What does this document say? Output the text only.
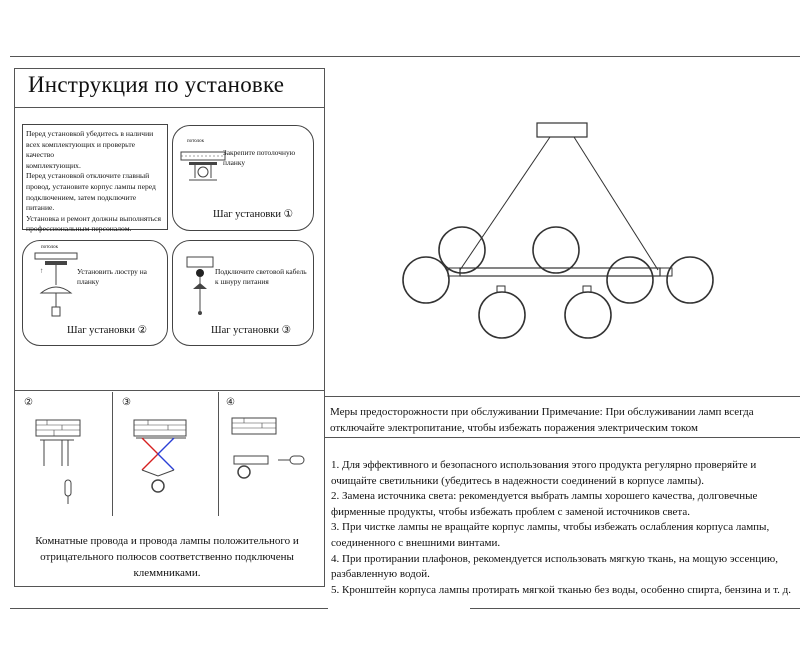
Инструкция по установке
Перед установкой убедитесь в наличии
всех комплектующих и проверьте качество
комплектующих.
Перед установкой отключите главный
провод, установите корпус лампы перед
подключением, затем подключите питание.
Установка и ремонт должны выполняться
профессиональным персоналом.
потолок
Закрепите потолочную
планку
Шаг установки ①
потолок
⇡	Установить люстру на
планку
Шаг установки ②
Подключите световой кабель
к шнуру питания
Шаг установки ③
②	③	④
Комнатные провода и провода лампы положительного и
отрицательного полюсов соответственно подключены
клеммниками.
Меры предосторожности при обслуживании Примечание: При обслуживании ламп всегда
отключайте электропитание, чтобы избежать поражения электрическим током
1. Для эффективного и безопасного использования этого продукта регулярно проверяйте и
очищайте светильники (убедитесь в надежности соединений в корпусе лампы).
2. Замена источника света: рекомендуется выбрать лампы хорошего качества, долговечные
фирменные продукты, чтобы избежать проблем с заменой источников света.
3. При чистке лампы не вращайте корпус лампы, чтобы избежать ослабления корпуса лампы,
соединенного с внешними винтами.
4. При протирании плафонов, рекомендуется использовать мягкую ткань, на мощую эссенцию,
разбавленную водой.
5. Кронштейн корпуса лампы протирать мягкой тканью без воды, особенно спирта, бензина и т. д.
